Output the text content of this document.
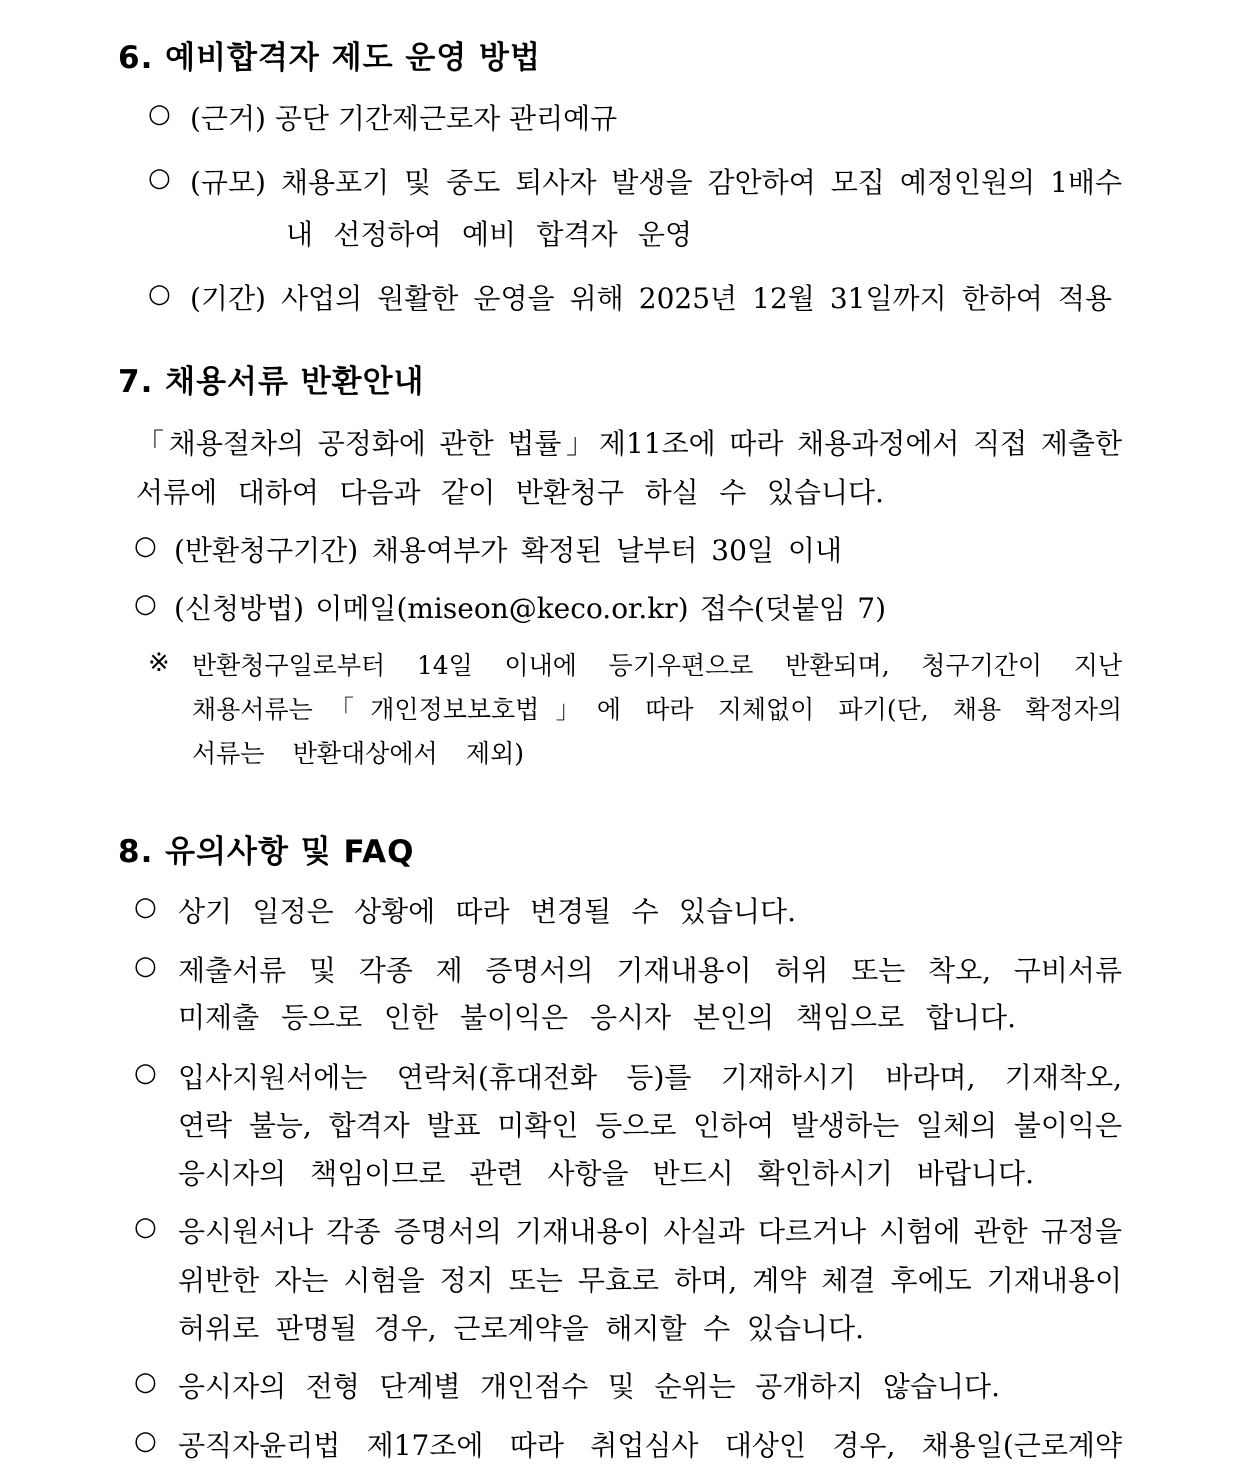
6. 예비합격자 제도 운영 방법
○ (근거) 공단 기간제근로자 관리예규
○ (규모) 채용포기 및 중도 퇴사자 발생을 감안하여 모집 예정인원의 1배수
내 선정하여 예비 합격자 운영
○ (기간) 사업의 원활한 운영을 위해 2025년 12월 31일까지 한하여 적용
7. 채용서류 반환안내
「채용절차의 공정화에 관한 법률」제11조에 따라 채용과정에서 직접 제출한
서류에 대하여 다음과 같이 반환청구 하실 수 있습니다.
○ (반환청구기간) 채용여부가 확정된 날부터 30일 이내
○ (신청방법) 이메일(miseon@keco.or.kr) 접수(덧붙임 7)
※ 반환청구일로부터 14일 이내에 등기우편으로 반환되며, 청구기간이 지난
채용서류는「개인정보보호법」에 따라 지체없이 파기(단, 채용 확정자의
서류는 반환대상에서 제외)
8. 유의사항 및 FAQ
○ 상기 일정은 상황에 따라 변경될 수 있습니다.
○ 제출서류 및 각종 제 증명서의 기재내용이 허위 또는 착오, 구비서류
미제출 등으로 인한 불이익은 응시자 본인의 책임으로 합니다.
○ 입사지원서에는 연락처(휴대전화 등)를 기재하시기 바라며, 기재착오,
연락 불능, 합격자 발표 미확인 등으로 인하여 발생하는 일체의 불이익은
응시자의 책임이므로 관련 사항을 반드시 확인하시기 바랍니다.
○ 응시원서나 각종 증명서의 기재내용이 사실과 다르거나 시험에 관한 규정을
위반한 자는 시험을 정지 또는 무효로 하며, 계약 체결 후에도 기재내용이
허위로 판명될 경우, 근로계약을 해지할 수 있습니다.
○ 응시자의 전형 단계별 개인점수 및 순위는 공개하지 않습니다.
○ 공직자윤리법 제17조에 따라 취업심사 대상인 경우, 채용일(근로계약
